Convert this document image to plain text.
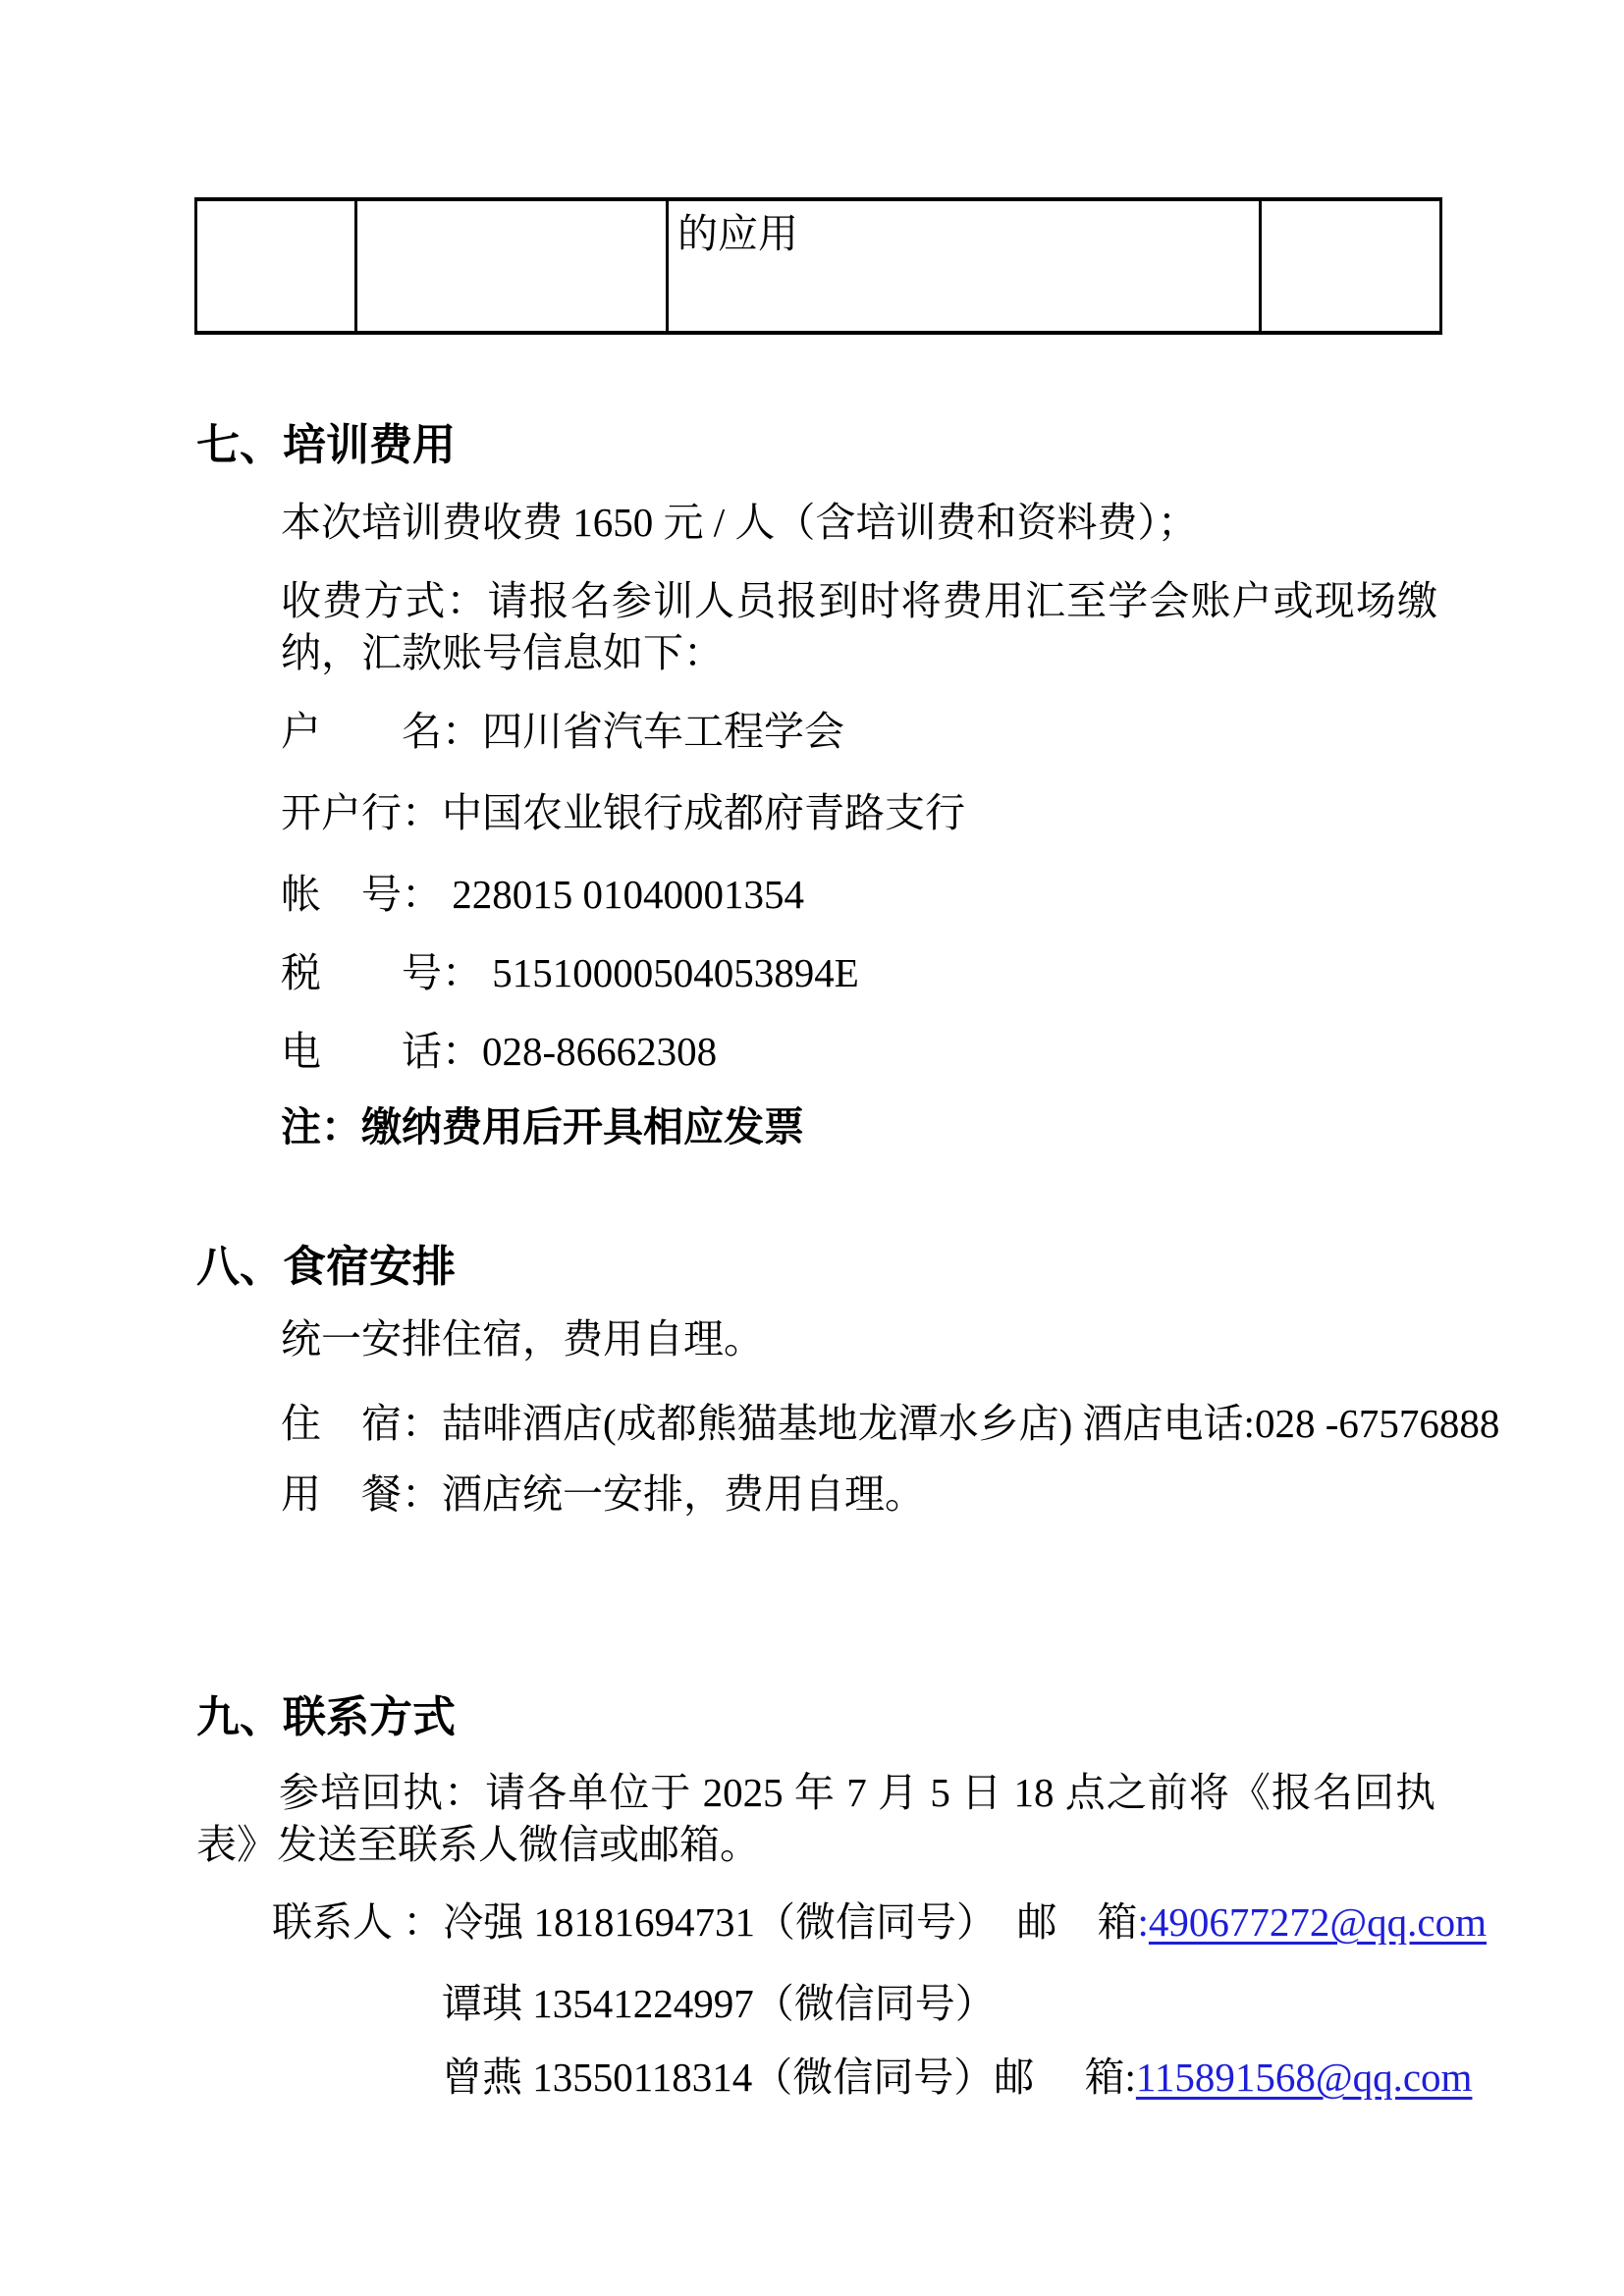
		的应用	
七、培训费用
本次培训费收费 1650 元 / 人（含培训费和资料费）；
收费方式：请报名参训人员报到时将费用汇至学会账户或现场缴纳，汇款账号信息如下：
户　　名：四川省汽车工程学会
开户行：中国农业银行成都府青路支行
帐　号： 228015 01040001354
税　　号： 51510000504053894E
电　　话：028-86662308
注：缴纳费用后开具相应发票
八、食宿安排
统一安排住宿，费用自理。
住　宿：喆啡酒店(成都熊猫基地龙潭水乡店) 酒店电话:028 -67576888
用　餐：酒店统一安排，费用自理。
九、联系方式
参培回执：请各单位于 2025 年 7 月 5 日 18 点之前将《报名回执表》发送至联系人微信或邮箱。
联系人 ：冷强 18181694731（微信同号）　邮　箱:490677272@qq.com
谭琪 13541224997（微信同号）
曾燕 13550118314（微信同号）邮　 箱:115891568@qq.com
